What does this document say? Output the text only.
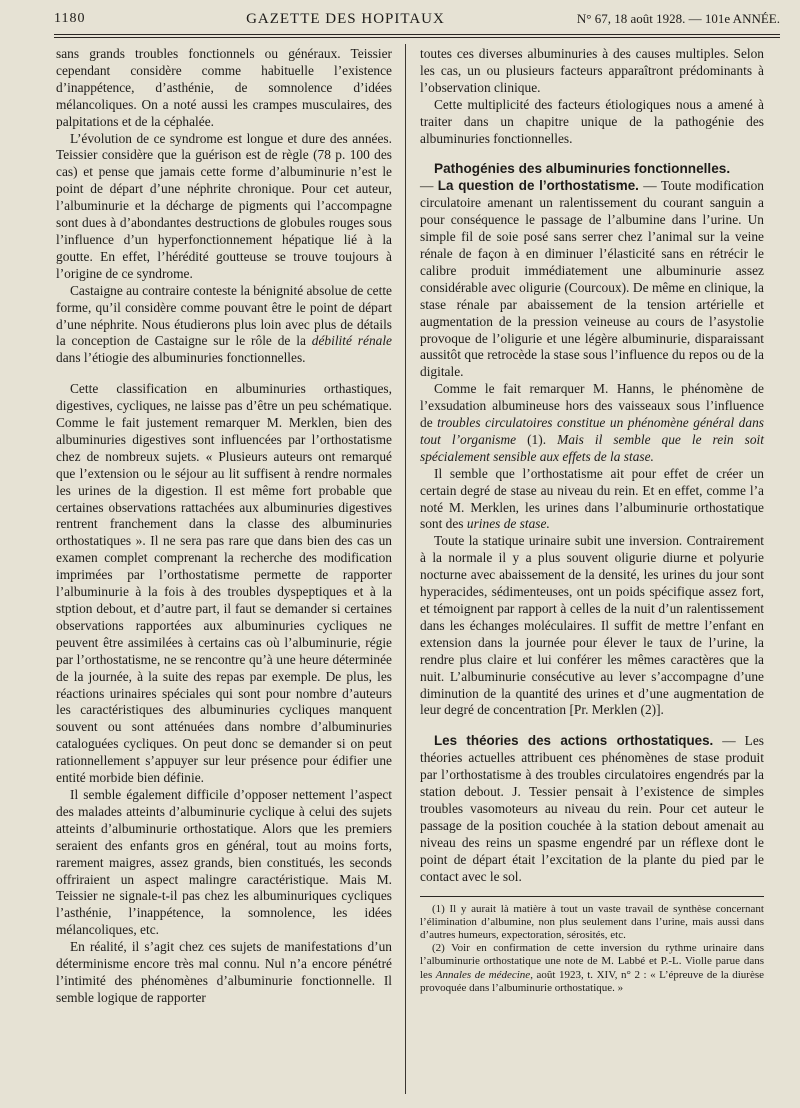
1180	GAZETTE DES HOPITAUX	N° 67, 18 août 1928. — 101e ANNÉE.

sans grands troubles fonctionnels ou généraux. Teissier cependant considère comme habituelle l’existence d’inappétence, d’asthénie, de somnolence d’idées mélancoliques. On a noté aussi les crampes musculaires, des palpitations et de la céphalée.

L’évolution de ce syndrome est longue et dure des années. Teissier considère que la guérison est de règle (78 p. 100 des cas) et pense que jamais cette forme d’albuminurie n’est le point de départ d’une néphrite chronique. Pour cet auteur, l’albuminurie et la décharge de pigments qui l’accompagne sont dues à d’abondantes destructions de globules rouges sous l’influence d’un hyperfonctionnement hépatique lié à la goutte. En effet, l’hérédité goutteuse se trouve toujours à l’origine de ce syndrome.

Castaigne au contraire conteste la bénignité absolue de cette forme, qu’il considère comme pouvant être le point de départ d’une néphrite. Nous étudierons plus loin avec plus de détails la conception de Castaigne sur le rôle de la débilité rénale dans l’étiogie des albuminuries fonctionnelles.

Cette classification en albuminuries orthastiques, digestives, cycliques, ne laisse pas d’être un peu schématique. Comme le fait justement remarquer M. Merklen, bien des albuminuries digestives sont influencées par l’orthostatisme chez de nombreux sujets. « Plusieurs auteurs ont remarqué que l’extension ou le séjour au lit suffisent à rendre normales les urines de la digestion. Il est même fort probable que certaines observations rattachées aux albuminuries digestives rentrent franchement dans la classe des albuminuries orthostatiques ». Il ne sera pas rare que dans bien des cas un examen complet comprenant la recherche des modification imprimées par l’orthostatisme permette de rapporter l’albuminurie à la fois à des troubles dyspeptiques et à la stption debout, et d’autre part, il faut se demander si certaines observations rapportées aux albuminuries cycliques ne peuvent être assimilées à certains cas où l’albuminurie, régie par l’orthostatisme, ne se rencontre qu’à une heure déterminée de la journée, à la suite des repas par exemple. De plus, les réactions urinaires spéciales qui sont pour nombre d’auteurs les caractéristiques des albuminuries cycliques manquent souvent ou sont atténuées dans nombre d’albuminuries cataloguées cycliques. On peut donc se demander si on peut rationnellement s’appuyer sur leur présence pour édifier une entité morbide bien définie.

Il semble également difficile d’opposer nettement l’aspect des malades atteints d’albuminurie cyclique à celui des sujets atteints d’albuminurie orthostatique. Alors que les premiers seraient des enfants gros en général, tout au moins forts, rarement maigres, assez grands, bien constitués, les seconds offriraient un aspect malingre caractéristique. Mais M. Teissier ne signale-t-il pas chez les albuminuriques cycliques l’asthénie, l’inappétence, la somnolence, les idées mélancoliques, etc.

En réalité, il s’agit chez ces sujets de manifestations d’un déterminisme encore très mal connu. Nul n’a encore pénétré l’intimité des phénomènes d’albuminurie fonctionnelle. Il semble logique de rapporter

toutes ces diverses albuminuries à des causes multiples. Selon les cas, un ou plusieurs facteurs apparaîtront prédominants à l’observation clinique.

Cette multiplicité des facteurs étiologiques nous a amené à traiter dans un chapitre unique de la pathogénie des albuminuries fonctionnelles.

Pathogénies des albuminuries fonctionnelles.
— La question de l’orthostatisme. — Toute modification circulatoire amenant un ralentissement du courant sanguin a pour conséquence le passage de l’albumine dans l’urine. Un simple fil de soie posé sans serrer chez l’animal sur la veine rénale de façon à en diminuer l’élasticité sans en rétrécir le calibre produit immédiatement une albuminurie assez considérable avec oligurie (Courcoux). De même en clinique, la stase rénale par abaissement de la tension artérielle et augmentation de la pression veineuse au cours de l’asystolie provoque de l’oligurie et une légère albuminurie, disparaissant aussitôt que retrocède la stase sous l’influence du repos ou de la digitale.

Comme le fait remarquer M. Hanns, le phénomène de l’exsudation albumineuse hors des vaisseaux sous l’influence de troubles circulatoires constitue un phénomène général dans tout l’organisme (1). Mais il semble que le rein soit spécialement sensible aux effets de la stase.

Il semble que l’orthostatisme ait pour effet de créer un certain degré de stase au niveau du rein. Et en effet, comme l’a noté M. Merklen, les urines dans l’albuminurie orthostatique sont des urines de stase.

Toute la statique urinaire subit une inversion. Contrairement à la normale il y a plus souvent oligurie diurne et polyurie nocturne avec abaissement de la densité, les urines du jour sont hyperacides, sédimenteuses, ont un poids spécifique assez fort, et témoignent par rapport à celles de la nuit d’un ralentissement dans les échanges moléculaires. Il suffit de mettre l’enfant en extension dans la journée pour élever le taux de l’urine, la rendre plus claire et lui conférer les mêmes caractères que la nuit. L’albuminurie consécutive au lever s’accompagne d’une diminution de la quantité des urines et d’une augmentation de leur degré de concentration [Pr. Merklen (2)].

Les théories des actions orthostatiques. — Les théories actuelles attribuent ces phénomènes de stase produit par l’orthostatisme à des troubles circulatoires engendrés par la station debout. J. Tessier pensait à l’existence de simples troubles vasomoteurs au niveau du rein. Pour cet auteur le passage de la position couchée à la station debout amenait au niveau des reins un spasme engendré par un réflexe dont le point de départ était l’excitation de la plante du pied par le contact avec le sol.

(1) Il y aurait là matière à tout un vaste travail de synthèse concernant l’élimination d’albumine, non plus seulement dans l’urine, mais aussi dans d’autres humeurs, expectoration, sérosités, etc.

(2) Voir en confirmation de cette inversion du rythme urinaire dans l’albuminurie orthostatique une note de M. Labbé et P.-L. Violle parue dans les Annales de médecine, août 1923, t. XIV, n° 2 : « L’épreuve de la diurèse provoquée dans l’albuminurie orthostatique. »
